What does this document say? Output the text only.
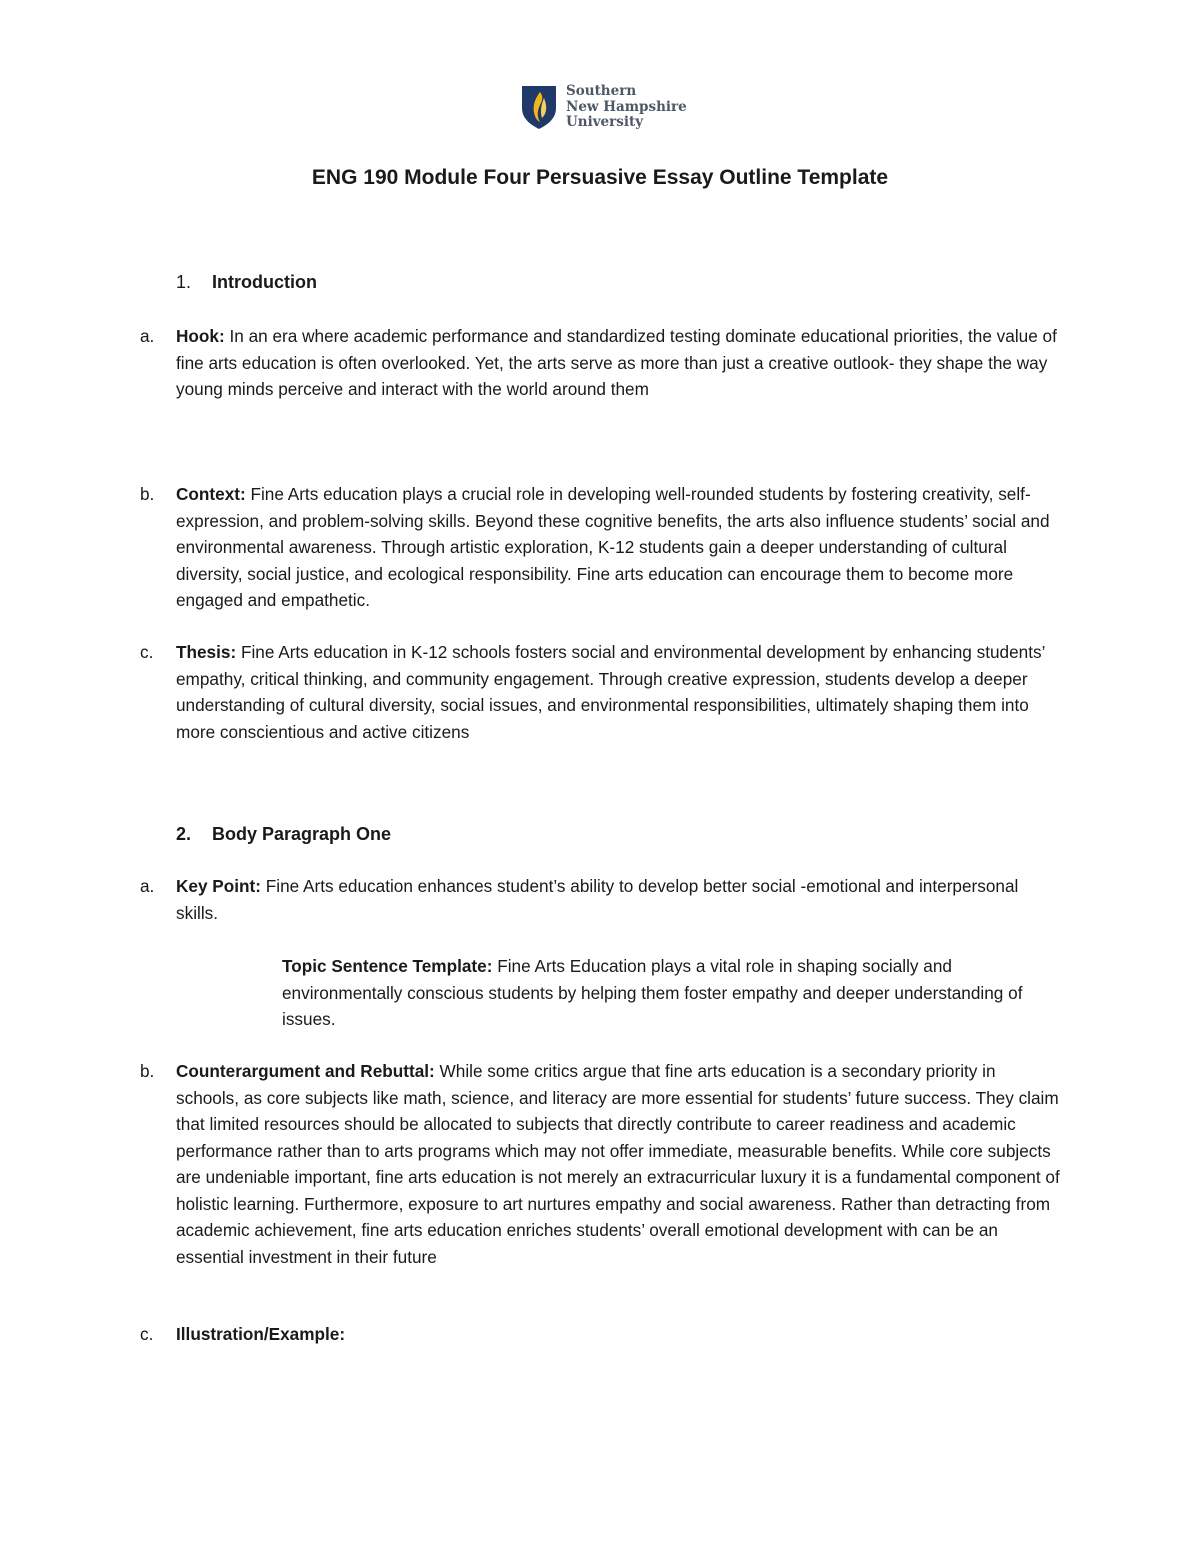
Southern
New Hampshire
University
ENG 190 Module Four Persuasive Essay Outline Template
1. Introduction
a.	Hook: In an era where academic performance and standardized testing dominate educational priorities, the value of fine arts education is often overlooked. Yet, the arts serve as more than just a creative outlook- they shape the way young minds perceive and interact with the world around them
b.	Context: Fine Arts education plays a crucial role in developing well-rounded students by fostering creativity, self-expression, and problem-solving skills. Beyond these cognitive benefits, the arts also influence students’ social and environmental awareness. Through artistic exploration, K-12 students gain a deeper understanding of cultural diversity, social justice, and ecological responsibility. Fine arts education can encourage them to become more engaged and empathetic.
c.	Thesis: Fine Arts education in K-12 schools fosters social and environmental development by enhancing students’ empathy, critical thinking, and community engagement. Through creative expression, students develop a deeper understanding of cultural diversity, social issues, and environmental responsibilities, ultimately shaping them into more conscientious and active citizens
2. Body Paragraph One
a.	Key Point: Fine Arts education enhances student’s ability to develop better social -emotional and interpersonal skills.
Topic Sentence Template: Fine Arts Education plays a vital role in shaping socially and environmentally conscious students by helping them foster empathy and deeper understanding of issues.
b.	Counterargument and Rebuttal: While some critics argue that fine arts education is a secondary priority in schools, as core subjects like math, science, and literacy are more essential for students’ future success. They claim that limited resources should be allocated to subjects that directly contribute to career readiness and academic performance rather than to arts programs which may not offer immediate, measurable benefits. While core subjects are undeniable important, fine arts education is not merely an extracurricular luxury it is a fundamental component of holistic learning. Furthermore, exposure to art nurtures empathy and social awareness. Rather than detracting from academic achievement, fine arts education enriches students’ overall emotional development with can be an essential investment in their future
c.	Illustration/Example:
